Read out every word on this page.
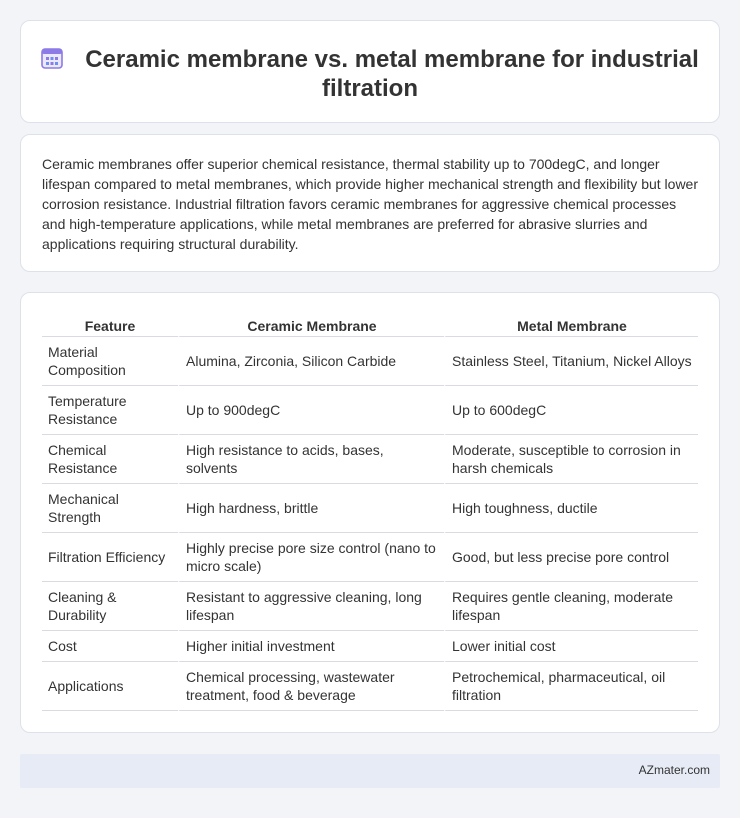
Ceramic membrane vs. metal membrane for industrial filtration

Ceramic membranes offer superior chemical resistance, thermal stability up to 700degC, and longer lifespan compared to metal membranes, which provide higher mechanical strength and flexibility but lower corrosion resistance. Industrial filtration favors ceramic membranes for aggressive chemical processes and high-temperature applications, while metal membranes are preferred for abrasive slurries and applications requiring structural durability.

Feature	Ceramic Membrane	Metal Membrane
Material Composition	Alumina, Zirconia, Silicon Carbide	Stainless Steel, Titanium, Nickel Alloys
Temperature Resistance	Up to 900degC	Up to 600degC
Chemical Resistance	High resistance to acids, bases, solvents	Moderate, susceptible to corrosion in harsh chemicals
Mechanical Strength	High hardness, brittle	High toughness, ductile
Filtration Efficiency	Highly precise pore size control (nano to micro scale)	Good, but less precise pore control
Cleaning & Durability	Resistant to aggressive cleaning, long lifespan	Requires gentle cleaning, moderate lifespan
Cost	Higher initial investment	Lower initial cost
Applications	Chemical processing, wastewater treatment, food & beverage	Petrochemical, pharmaceutical, oil filtration
AZmater.com
